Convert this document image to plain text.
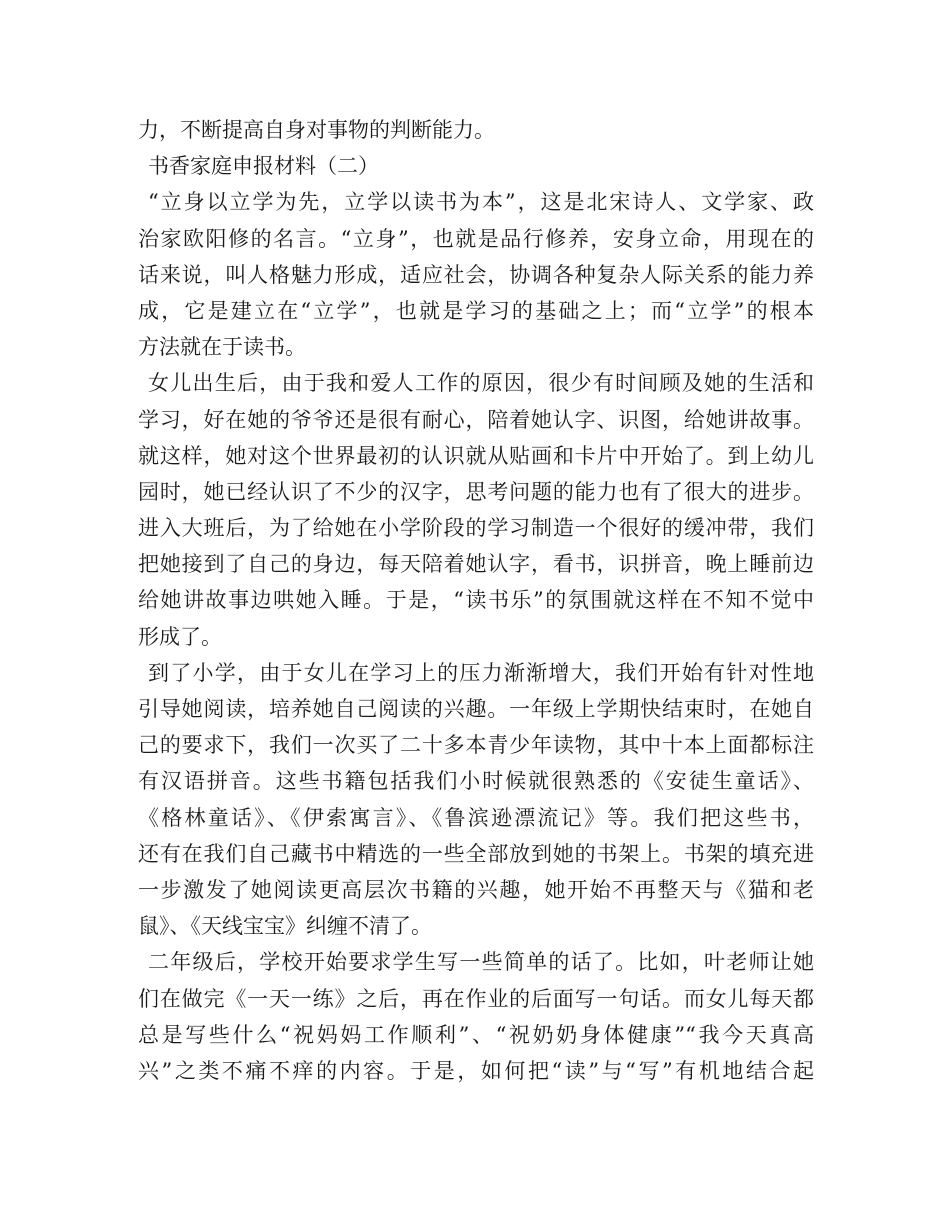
力，不断提高自身对事物的判断能力。
书香家庭申报材料（二）
“立身以立学为先，立学以读书为本”，这是北宋诗人、文学家、政
治家欧阳修的名言。“立身”，也就是品行修养，安身立命，用现在的
话来说，叫人格魅力形成，适应社会，协调各种复杂人际关系的能力养
成，它是建立在“立学”，也就是学习的基础之上；而“立学”的根本
方法就在于读书。
女儿出生后，由于我和爱人工作的原因，很少有时间顾及她的生活和
学习，好在她的爷爷还是很有耐心，陪着她认字、识图，给她讲故事。
就这样，她对这个世界最初的认识就从贴画和卡片中开始了。到上幼儿
园时，她已经认识了不少的汉字，思考问题的能力也有了很大的进步。
进入大班后，为了给她在小学阶段的学习制造一个很好的缓冲带，我们
把她接到了自己的身边，每天陪着她认字，看书，识拼音，晚上睡前边
给她讲故事边哄她入睡。于是，“读书乐”的氛围就这样在不知不觉中
形成了。
到了小学，由于女儿在学习上的压力渐渐增大，我们开始有针对性地
引导她阅读，培养她自己阅读的兴趣。一年级上学期快结束时，在她自
己的要求下，我们一次买了二十多本青少年读物，其中十本上面都标注
有汉语拼音。这些书籍包括我们小时候就很熟悉的《安徒生童话》、
《格林童话》、《伊索寓言》、《鲁滨逊漂流记》等。我们把这些书，
还有在我们自己藏书中精选的一些全部放到她的书架上。书架的填充进
一步激发了她阅读更高层次书籍的兴趣，她开始不再整天与《猫和老
鼠》、《天线宝宝》纠缠不清了。
二年级后，学校开始要求学生写一些简单的话了。比如，叶老师让她
们在做完《一天一练》之后，再在作业的后面写一句话。而女儿每天都
总是写些什么“祝妈妈工作顺利”、“祝奶奶身体健康”“我今天真高
兴”之类不痛不痒的内容。于是，如何把“读”与“写”有机地结合起
